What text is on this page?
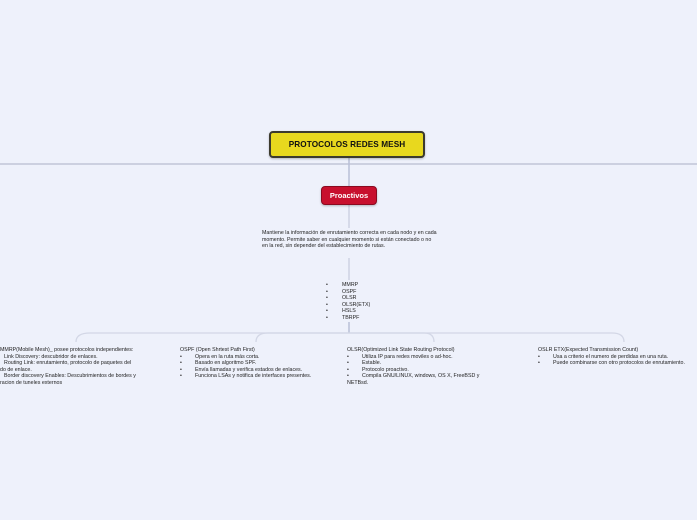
PROTOCOLOS REDES MESH
Proactivos
Mantiene la información de enrutamiento correcta en cada nodo y en cada momento. Permite saber en cualquier momento si están conectado o no en la red, sin depender del establecimiento de rutas.
• MMRP
• OSPF
• OLSR
• OLSR(ETX)
• HSLS
• TBRPF
MMRP(Mobile Mesh)_ posee protocolos independientes:
Link Discovery: descubridor de enlaces.
Routing Link: enrutamiento, protocolo de paquetes del
do de enlace.
Border discovery Enables: Descubrimientos de bordes y
racion de tuneles externos
OSPF (Open Shrtest Path First)
• Opera en la ruta más corta.
• Basado en algoritmo SPF.
• Envía llamadas y verifica estados de enlaces.
• Funciona LSAs y notifica de interfaces presentes.
OLSR(Optimized Link State Routing Protocol)
• Utiliza IP para redes moviles o ad-hoc.
• Estable.
• Protocolo proactivo.
• Compila GNU/LINUX, windows, OS X, FreeBSD y
NETBsd.
OSLR ETX(Expected Transmission Count)
• Usa a criterio el numero de perdidas en una ruta.
• Puede combinarse con otro protocolos de enrutamiento.
